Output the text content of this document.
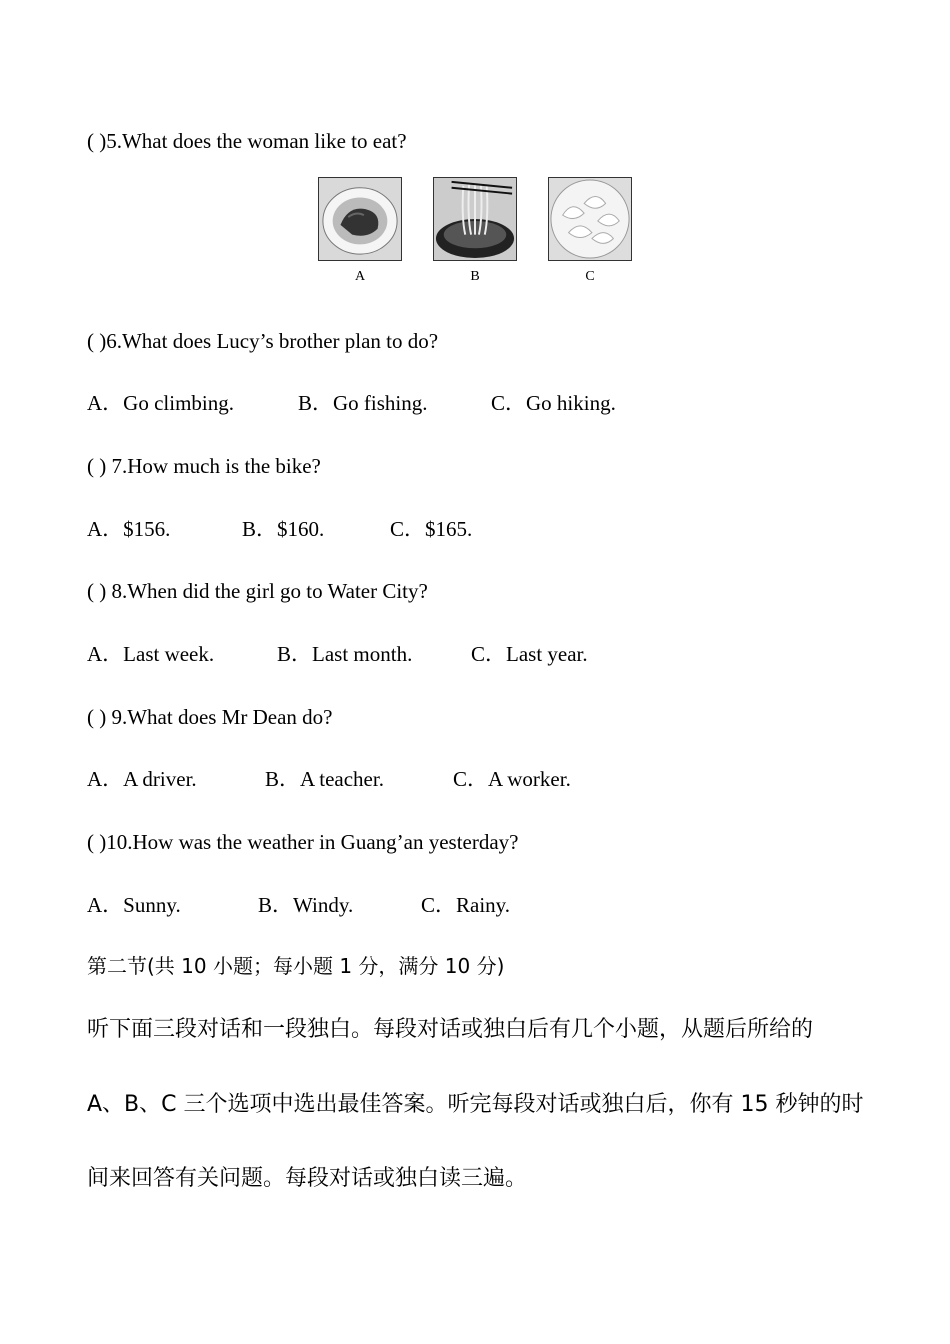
( )5.What does the woman like to eat?
A	B	C
( )6.What does Lucy’s brother plan to do?
A．Go climbing.	B．Go fishing.	C．Go hiking.
( ) 7.How much is the bike?
A．$156.	B．$160.	C．$165.
( ) 8.When did the girl go to Water City?
A．Last week.	B．Last month.	C．Last year.
( ) 9.What does Mr Dean do?
A．A driver.	B．A teacher.	C．A worker.
( )10.How was the weather in Guang’an yesterday?
A．Sunny.	B．Windy.	C．Rainy.
第二节(共 10 小题；每小题 1 分，满分 10 分)
听下面三段对话和一段独白。每段对话或独白后有几个小题，从题后所给的
A、B、C 三个选项中选出最佳答案。听完每段对话或独白后，你有 15 秒钟的时
间来回答有关问题。每段对话或独白读三遍。
